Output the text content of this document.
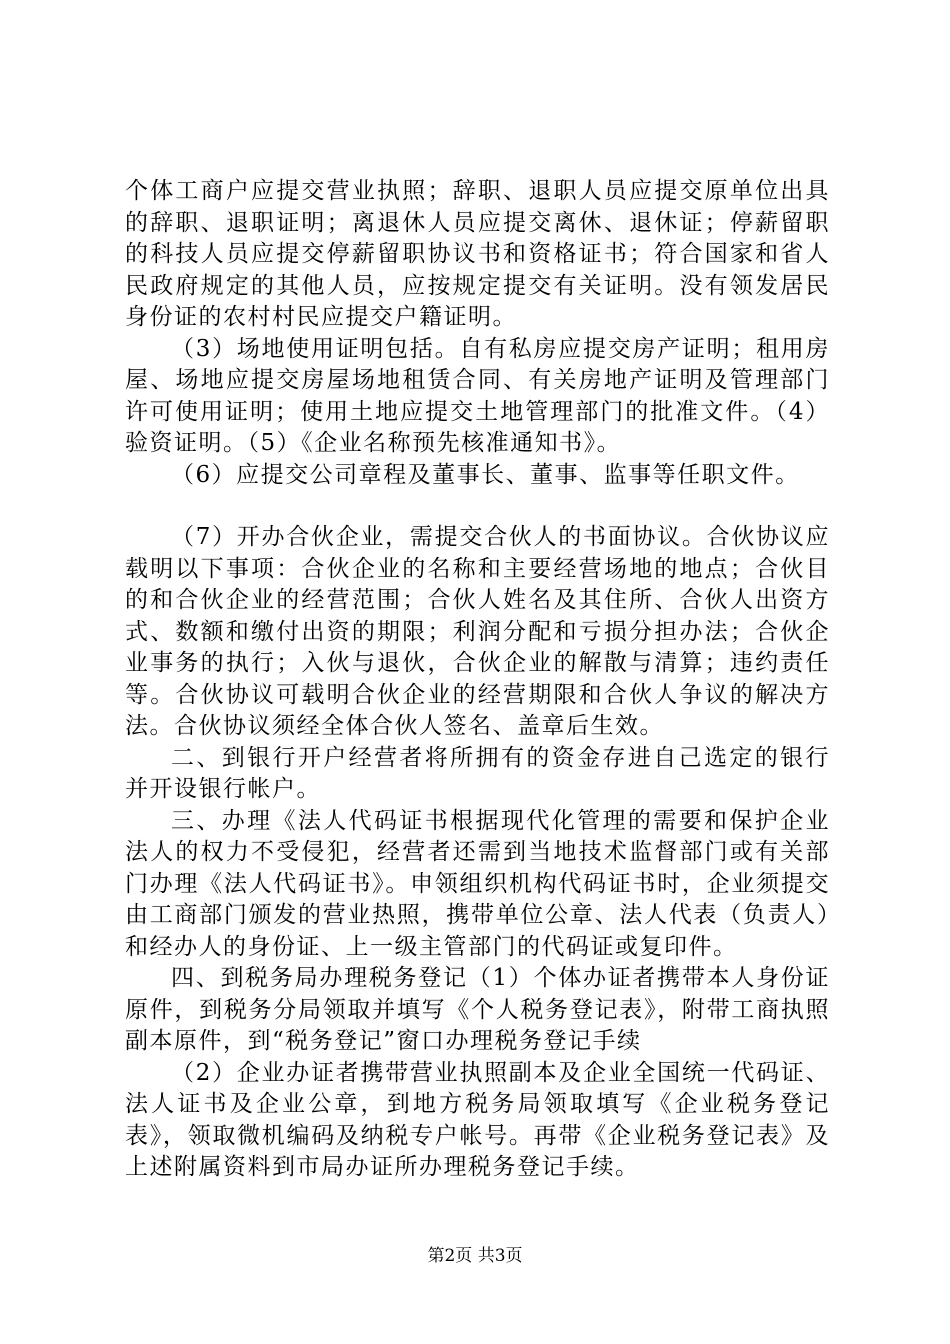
个体工商户应提交营业执照；辞职、退职人员应提交原单位出具的辞职、退职证明；离退休人员应提交离休、退休证；停薪留职的科技人员应提交停薪留职协议书和资格证书；符合国家和省人民政府规定的其他人员，应按规定提交有关证明。没有领发居民身份证的农村村民应提交户籍证明。

（3）场地使用证明包括。自有私房应提交房产证明；租用房屋、场地应提交房屋场地租赁合同、有关房地产证明及管理部门许可使用证明；使用土地应提交土地管理部门的批准文件。（4）验资证明。（5）《企业名称预先核准通知书》。

（6）应提交公司章程及董事长、董事、监事等任职文件。

（7）开办合伙企业，需提交合伙人的书面协议。合伙协议应载明以下事项：合伙企业的名称和主要经营场地的地点；合伙目的和合伙企业的经营范围；合伙人姓名及其住所、合伙人出资方式、数额和缴付出资的期限；利润分配和亏损分担办法；合伙企业事务的执行；入伙与退伙，合伙企业的解散与清算；违约责任等。合伙协议可载明合伙企业的经营期限和合伙人争议的解决方法。合伙协议须经全体合伙人签名、盖章后生效。

二、到银行开户经营者将所拥有的资金存进自己选定的银行并开设银行帐户。

三、办理《法人代码证书根据现代化管理的需要和保护企业法人的权力不受侵犯，经营者还需到当地技术监督部门或有关部门办理《法人代码证书》。申领组织机构代码证书时，企业须提交由工商部门颁发的营业热照，携带单位公章、法人代表（负责人）和经办人的身份证、上一级主管部门的代码证或复印件。

四、到税务局办理税务登记（1）个体办证者携带本人身份证原件，到税务分局领取并填写《个人税务登记表》，附带工商执照副本原件，到“税务登记”窗口办理税务登记手续

（2）企业办证者携带营业执照副本及企业全国统一代码证、法人证书及企业公章，到地方税务局领取填写《企业税务登记表》，领取微机编码及纳税专户帐号。再带《企业税务登记表》及上述附属资料到市局办证所办理税务登记手续。

第2页 共3页
